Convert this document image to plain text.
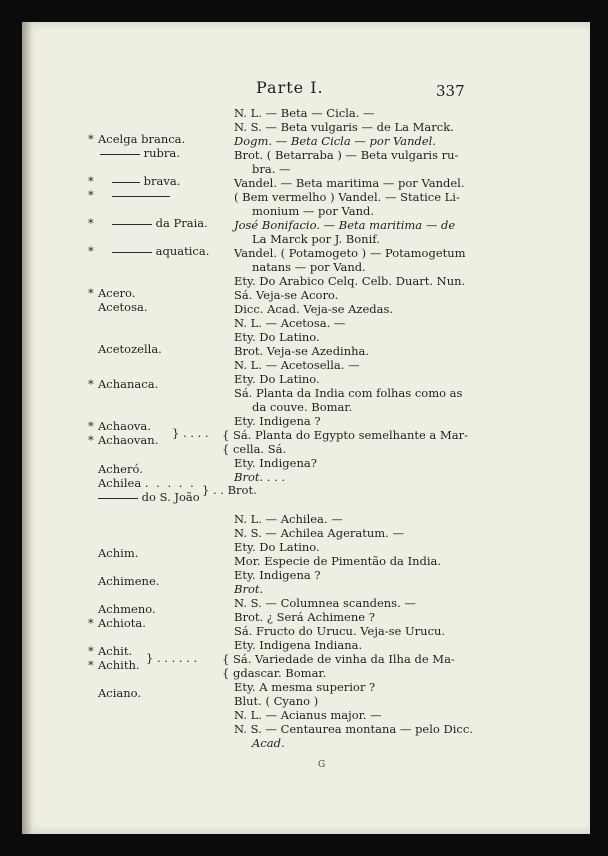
Parte I.	337
* Acelga branca.
rubra.
*	brava.
*
*	da Praia.
*	aquatica.
* Acero.
Acetosa.
Acetozella.
* Achanaca.
* Achaova.
* Achaovan. } . . . .
Acheró.
Achilea . . . . .
do S. João } . . Brot.
Achim.
Achimene.
Achmeno.
* Achiota.
* Achit.
* Achith. } . . . . . .
Aciano.
N. L. — Beta — Cicla. —
N. S. — Beta vulgaris — de La Marck.
Dogm. — Beta Cicla — por Vandel.
Brot. ( Betarraba ) — Beta vulgaris ru-
bra. —
Vandel. — Beta maritima — por Vandel.
( Bem vermelho ) Vandel. — Statice Li-
monium — por Vand.
José Bonifacio. — Beta maritima — de
La Marck por J. Bonif.
Vandel. ( Potamogeto ) — Potamogetum
natans — por Vand.
Ety. Do Arabico Celq. Celb. Duart. Nun.
Sá. Veja-se Acoro.
Dicc. Acad. Veja-se Azedas.
N. L. — Acetosa. —
Ety. Do Latino.
Brot. Veja-se Azedinha.
N. L. — Acetosella. —
Ety. Do Latino.
Sá. Planta da India com folhas como as
da couve. Bomar.
Ety. Indigena ?
{ Sá. Planta do Egypto semelhante a Mar-
{ cella. Sá.
Ety. Indigena?
Brot. . . .
N. L. — Achilea. —
N. S. — Achilea Ageratum. —
Ety. Do Latino.
Mor. Especie de Pimentão da India.
Ety. Indigena ?
Brot.
N. S. — Columnea scandens. —
Brot. ¿ Será Achimene ?
Sá. Fructo do Urucu. Veja-se Urucu.
Ety. Indigena Indiana.
{ Sá. Variedade de vinha da Ilha de Ma-
{ gdascar. Bomar.
Ety. A mesma superior ?
Blut. ( Cyano )
N. L. — Acianus major. —
N. S. — Centaurea montana — pelo Dicc.
Acad.
G
